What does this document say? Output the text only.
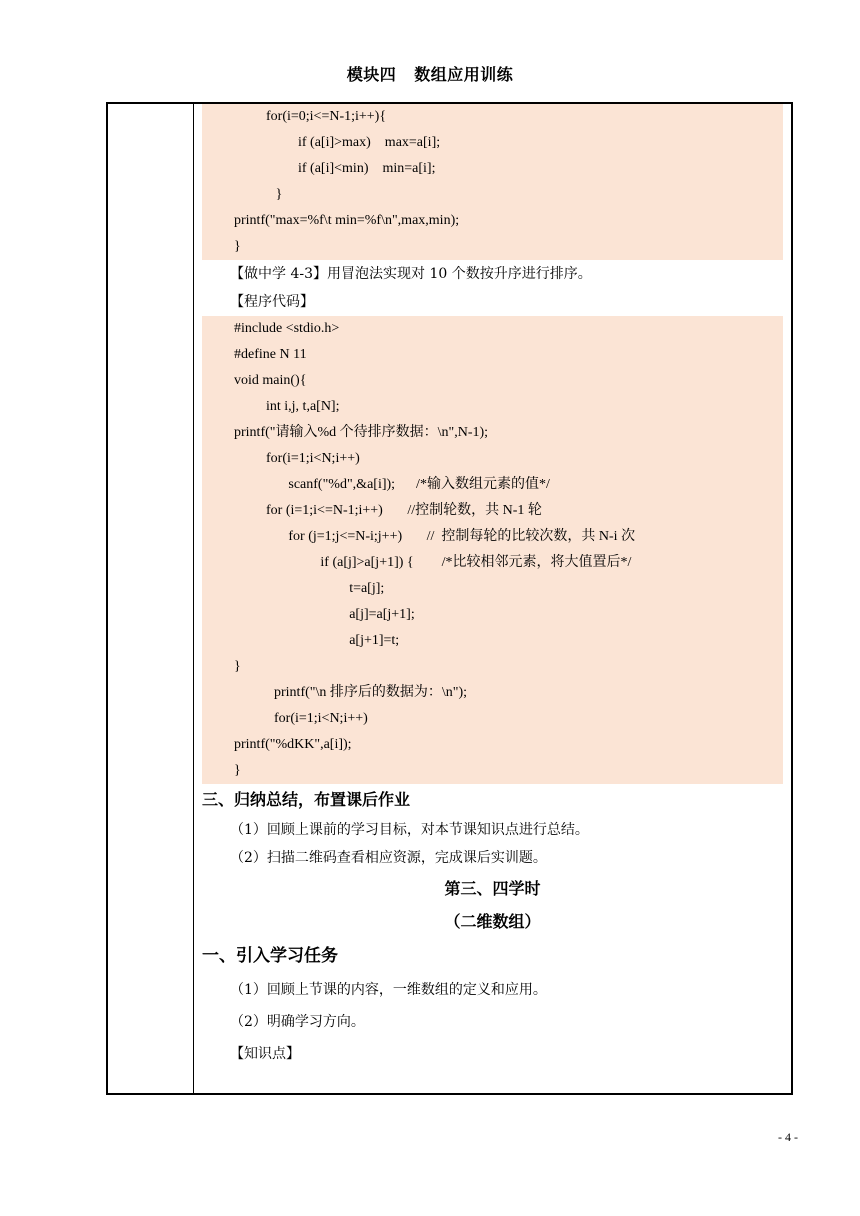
模块四 数组应用训练
for(i=0;i<=N-1;i++){
if (a[i]>max)    max=a[i];
if (a[i]<min)    min=a[i];
}
printf("max=%f\t min=%f\n",max,min);
}
【做中学 4-3】用冒泡法实现对 10 个数按升序进行排序。
【程序代码】
#include <stdio.h>
#define N 11
void main(){
int i,j, t,a[N];
printf("请输入%d 个待排序数据：\n",N-1);
for(i=1;i<N;i++)
scanf("%d",&a[i]);      /*输入数组元素的值*/
for (i=1;i<=N-1;i++)       //控制轮数，共 N-1 轮
for (j=1;j<=N-i;j++)       //  控制每轮的比较次数，共 N-i 次
if (a[j]>a[j+1]) {        /*比较相邻元素，将大值置后*/
t=a[j];
a[j]=a[j+1];
a[j+1]=t;
}
printf("\n 排序后的数据为：\n");
for(i=1;i<N;i++)
printf("%dKK",a[i]);
}
三、归纳总结，布置课后作业
（1）回顾上课前的学习目标，对本节课知识点进行总结。
（2）扫描二维码查看相应资源，完成课后实训题。
第三、四学时
（二维数组）
一、引入学习任务
（1）回顾上节课的内容，一维数组的定义和应用。
（2）明确学习方向。
【知识点】
- 4 -
